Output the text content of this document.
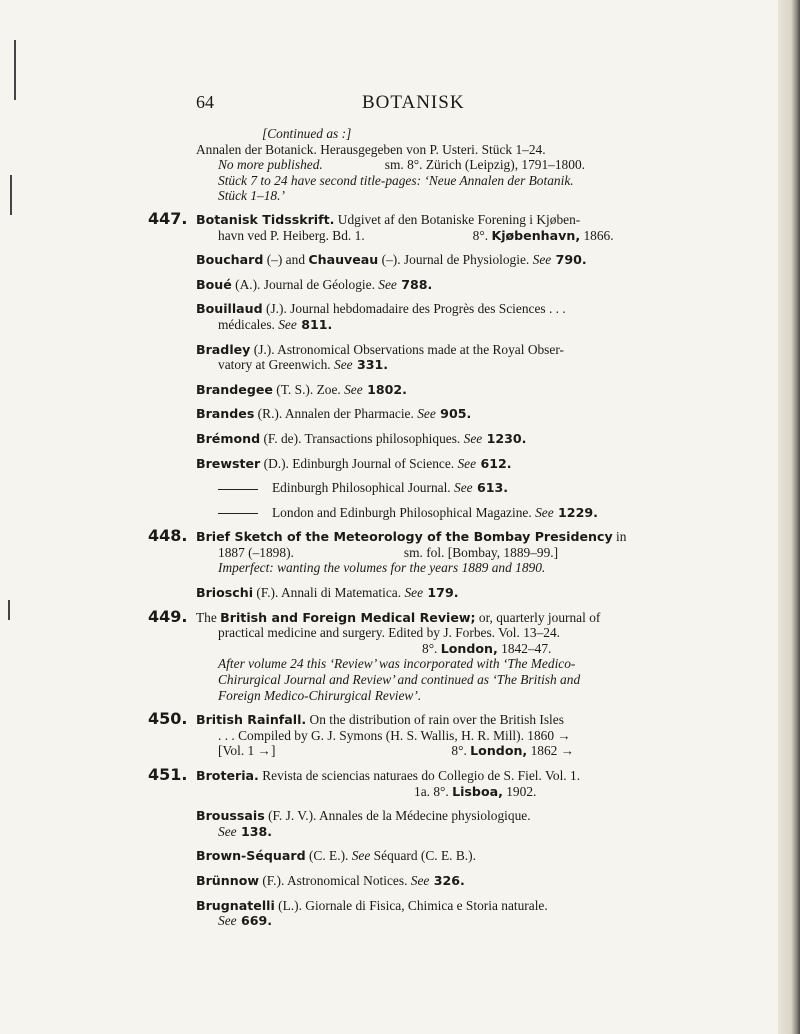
64	BOTANISK
[Continued as :]
Annalen der Botanick. Herausgegeben von P. Usteri. Stück 1–24.
No more published.	sm. 8°. Zürich (Leipzig), 1791–1800.
Stück 7 to 24 have second title-pages: ‘Neue Annalen der Botanik.
Stück 1–18.’
447. Botanisk Tidsskrift. Udgivet af den Botaniske Forening i Kjøben-
havn ved P. Heiberg. Bd. 1.	8°. Kjøbenhavn, 1866.
Bouchard (–) and Chauveau (–). Journal de Physiologie. See 790.
Boué (A.). Journal de Géologie. See 788.
Bouillaud (J.). Journal hebdomadaire des Progrès des Sciences . . .
médicales. See 811.
Bradley (J.). Astronomical Observations made at the Royal Obser-
vatory at Greenwich. See 331.
Brandegee (T. S.). Zoe. See 1802.
Brandes (R.). Annalen der Pharmacie. See 905.
Brémond (F. de). Transactions philosophiques. See 1230.
Brewster (D.). Edinburgh Journal of Science. See 612.
Edinburgh Philosophical Journal. See 613.
London and Edinburgh Philosophical Magazine. See 1229.
448. Brief Sketch of the Meteorology of the Bombay Presidency in
1887 (–1898).	sm. fol. [Bombay, 1889–99.]
Imperfect: wanting the volumes for the years 1889 and 1890.
Brioschi (F.). Annali di Matematica. See 179.
449. The British and Foreign Medical Review; or, quarterly journal of
practical medicine and surgery. Edited by J. Forbes. Vol. 13–24.
8°. London, 1842–47.
After volume 24 this ‘Review’ was incorporated with ‘The Medico-
Chirurgical Journal and Review’ and continued as ‘The British and
Foreign Medico-Chirurgical Review’.
450. British Rainfall. On the distribution of rain over the British Isles
. . . Compiled by G. J. Symons (H. S. Wallis, H. R. Mill). 1860 →
[Vol. 1 →]	8°. London, 1862 →
451. Broteria. Revista de sciencias naturaes do Collegio de S. Fiel. Vol. 1.
1a. 8°. Lisboa, 1902.
Broussais (F. J. V.). Annales de la Médecine physiologique.
See 138.
Brown-Séquard (C. E.). See Séquard (C. E. B.).
Brünnow (F.). Astronomical Notices. See 326.
Brugnatelli (L.). Giornale di Fisica, Chimica e Storia naturale.
See 669.
